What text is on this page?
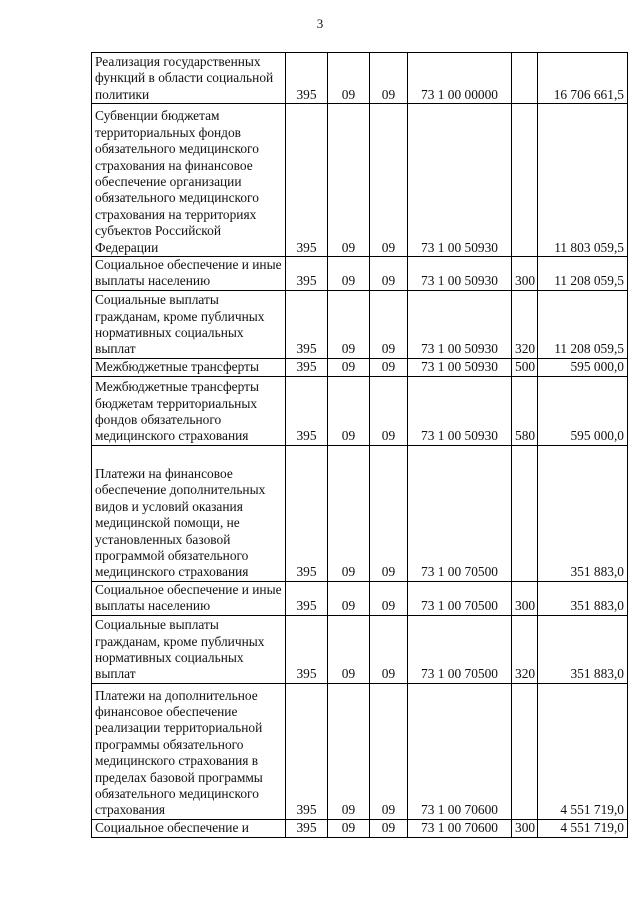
3
Реализация государственных функций в области социальной политики	395	09	09	73 1 00 00000		16 706 661,5
Субвенции бюджетам территориальных фондов обязательного медицинского страхования на финансовое обеспечение организации обязательного медицинского страхования на территориях субъектов Российской Федерации	395	09	09	73 1 00 50930		11 803 059,5
Социальное обеспечение и иные выплаты населению	395	09	09	73 1 00 50930	300	11 208 059,5
Социальные выплаты гражданам, кроме публичных нормативных социальных выплат	395	09	09	73 1 00 50930	320	11 208 059,5
Межбюджетные трансферты	395	09	09	73 1 00 50930	500	595 000,0
Межбюджетные трансферты бюджетам территориальных фондов обязательного медицинского страхования	395	09	09	73 1 00 50930	580	595 000,0
Платежи на финансовое обеспечение дополнительных видов и условий оказания медицинской помощи, не установленных базовой программой обязательного медицинского страхования	395	09	09	73 1 00 70500		351 883,0
Социальное обеспечение и иные выплаты населению	395	09	09	73 1 00 70500	300	351 883,0
Социальные выплаты гражданам, кроме публичных нормативных социальных выплат	395	09	09	73 1 00 70500	320	351 883,0
Платежи на дополнительное финансовое обеспечение реализации территориальной программы обязательного медицинского страхования в пределах базовой программы обязательного медицинского страхования	395	09	09	73 1 00 70600		4 551 719,0
Социальное обеспечение и	395	09	09	73 1 00 70600	300	4 551 719,0
